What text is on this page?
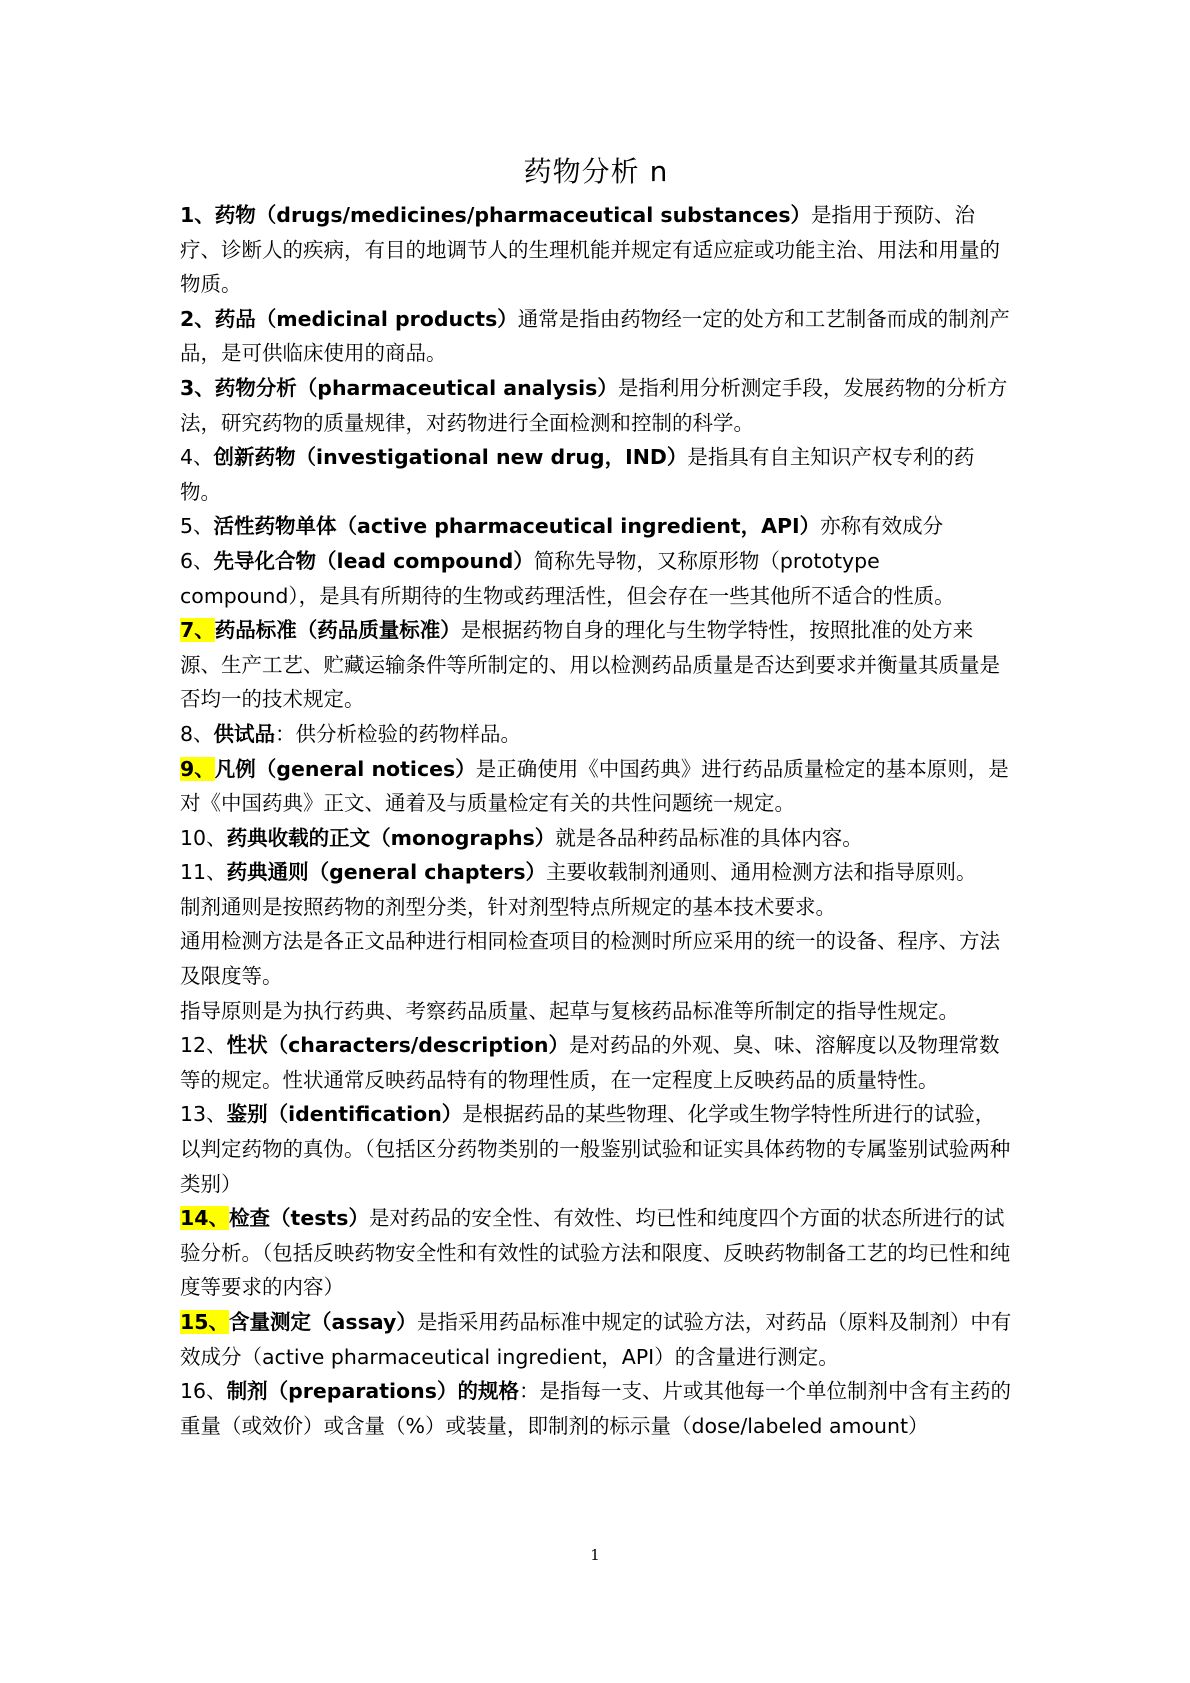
药物分析 n

1、药物（drugs/medicines/pharmaceutical substances）是指用于预防、治疗、诊断人的疾病，有目的地调节人的生理机能并规定有适应症或功能主治、用法和用量的物质。

2、药品（medicinal products）通常是指由药物经一定的处方和工艺制备而成的制剂产品，是可供临床使用的商品。

3、药物分析（pharmaceutical analysis）是指利用分析测定手段，发展药物的分析方法，研究药物的质量规律，对药物进行全面检测和控制的科学。

4、创新药物（investigational new drug，IND）是指具有自主知识产权专利的药物。

5、活性药物单体（active pharmaceutical ingredient，API）亦称有效成分

6、先导化合物（lead compound）简称先导物，又称原形物（prototype compound），是具有所期待的生物或药理活性，但会存在一些其他所不适合的性质。

7、药品标准（药品质量标准）是根据药物自身的理化与生物学特性，按照批准的处方来源、生产工艺、贮藏运输条件等所制定的、用以检测药品质量是否达到要求并衡量其质量是否均一的技术规定。

8、供试品：供分析检验的药物样品。

9、凡例（general notices）是正确使用《中国药典》进行药品质量检定的基本原则，是对《中国药典》正文、通着及与质量检定有关的共性问题统一规定。

10、药典收载的正文（monographs）就是各品种药品标准的具体内容。

11、药典通则（general chapters）主要收载制剂通则、通用检测方法和指导原则。

制剂通则是按照药物的剂型分类，针对剂型特点所规定的基本技术要求。

通用检测方法是各正文品种进行相同检查项目的检测时所应采用的统一的设备、程序、方法及限度等。

指导原则是为执行药典、考察药品质量、起草与复核药品标准等所制定的指导性规定。

12、性状（characters/description）是对药品的外观、臭、味、溶解度以及物理常数等的规定。性状通常反映药品特有的物理性质，在一定程度上反映药品的质量特性。

13、鉴别（identification）是根据药品的某些物理、化学或生物学特性所进行的试验，以判定药物的真伪。（包括区分药物类别的一般鉴别试验和证实具体药物的专属鉴别试验两种类别）

14、检查（tests）是对药品的安全性、有效性、均已性和纯度四个方面的状态所进行的试验分析。（包括反映药物安全性和有效性的试验方法和限度、反映药物制备工艺的均已性和纯度等要求的内容）

15、含量测定（assay）是指采用药品标准中规定的试验方法，对药品（原料及制剂）中有效成分（active pharmaceutical ingredient，API）的含量进行测定。

16、制剂（preparations）的规格：是指每一支、片或其他每一个单位制剂中含有主药的重量（或效价）或含量（%）或装量，即制剂的标示量（dose/labeled amount）

1
